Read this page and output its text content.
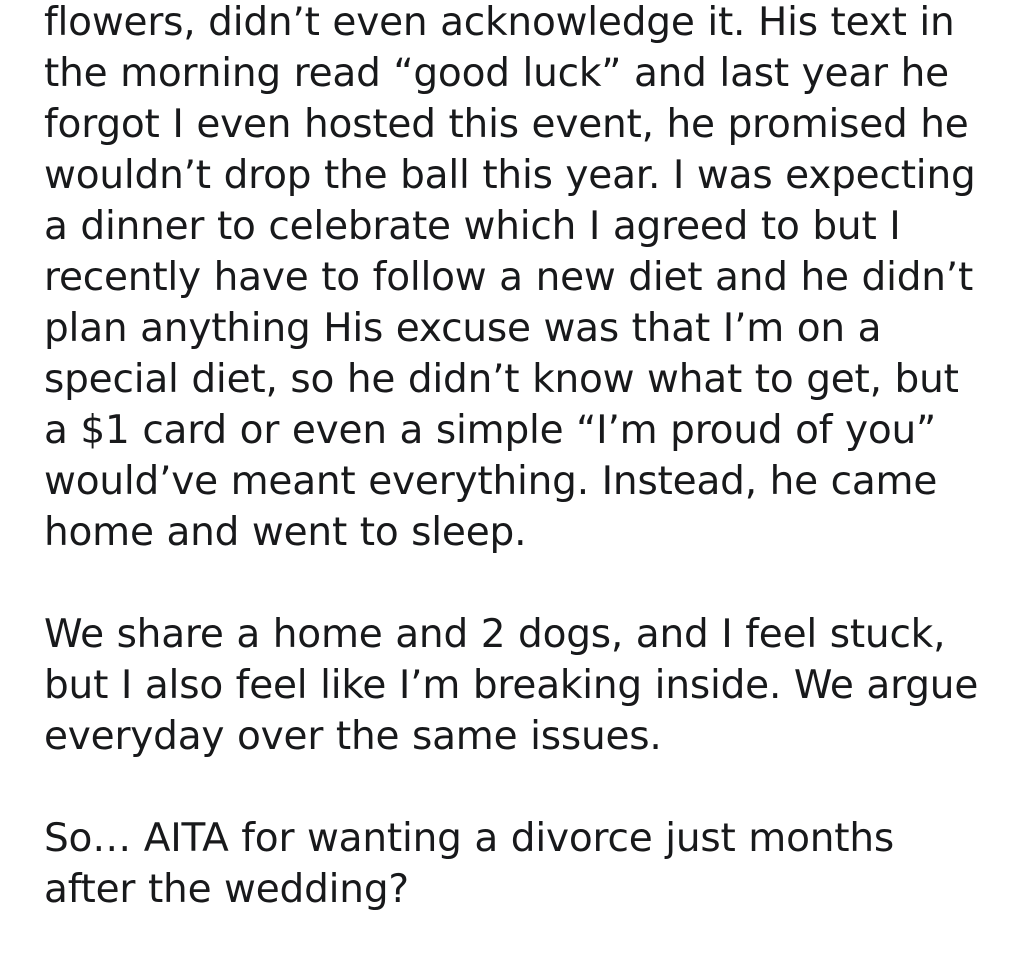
flowers, didn’t even acknowledge it. His text in the morning read “good luck” and last year he forgot I even hosted this event, he promised he wouldn’t drop the ball this year. I was expecting a dinner to celebrate which I agreed to but I recently have to follow a new diet and he didn’t plan anything His excuse was that I’m on a special diet, so he didn’t know what to get, but a $1 card or even a simple “I’m proud of you” would’ve meant everything. Instead, he came home and went to sleep.

We share a home and 2 dogs, and I feel stuck, but I also feel like I’m breaking inside. We argue everyday over the same issues.

So… AITA for wanting a divorce just months after the wedding?
